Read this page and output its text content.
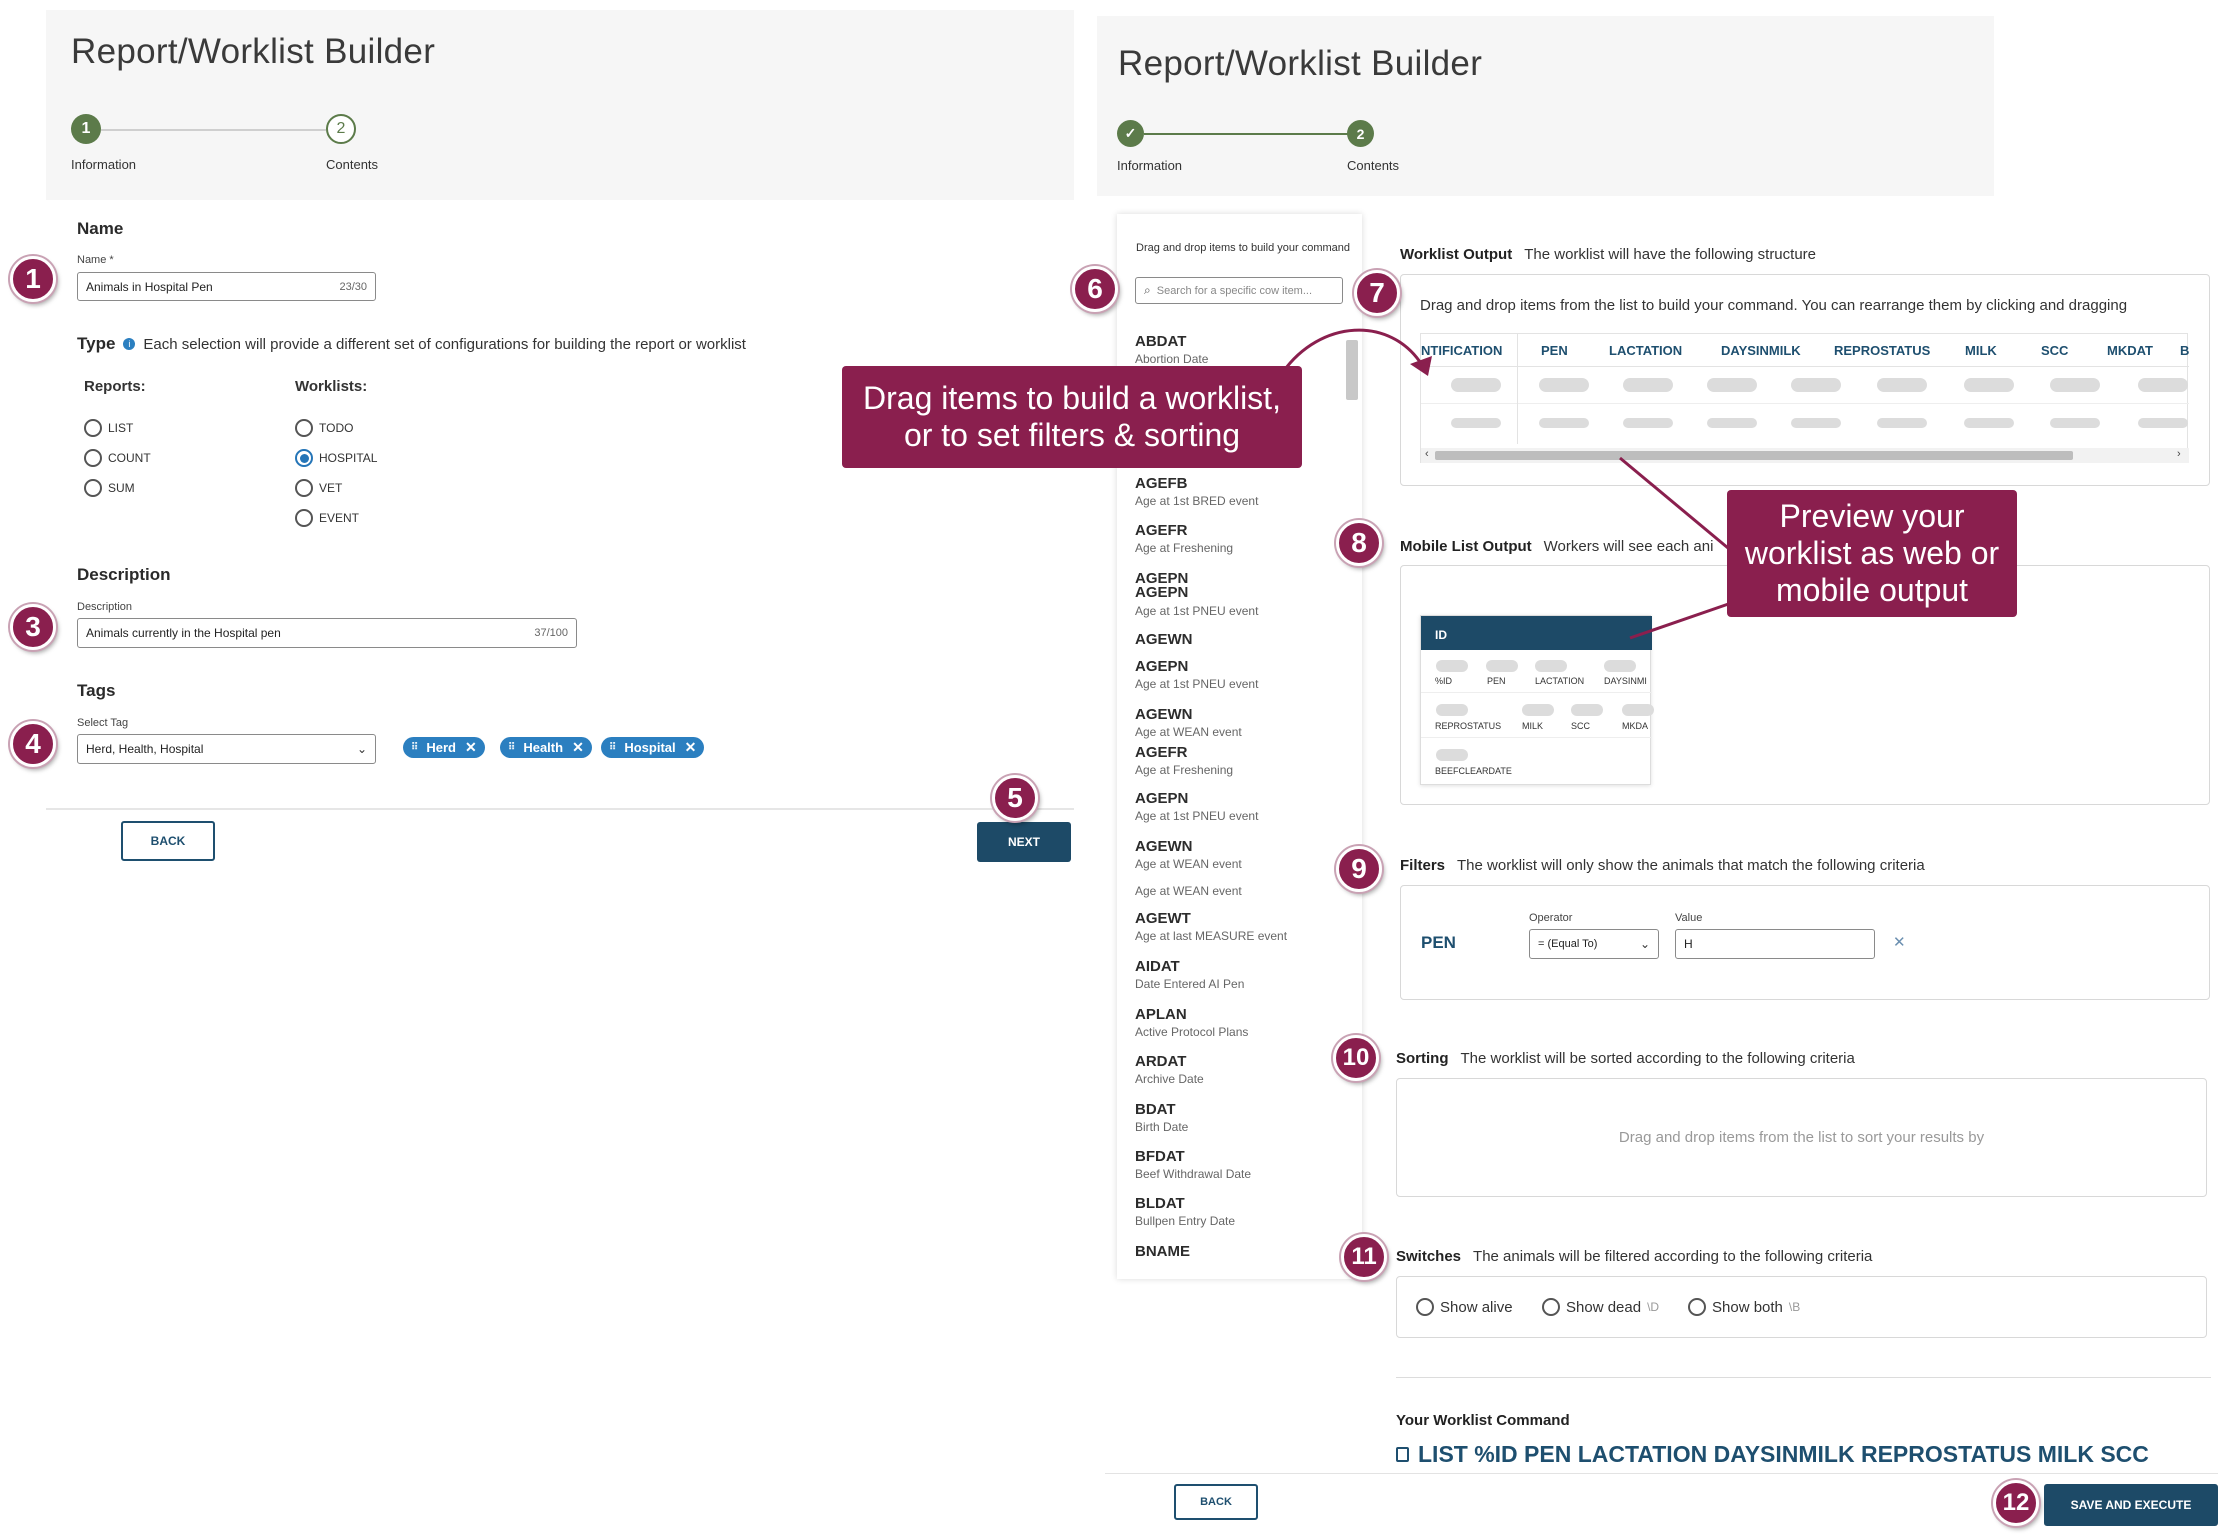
Report/Worklist Builder
1	2
Information	Contents
Name
Name *
Animals in Hospital Pen	23/30
Type	i Each selection will provide a different set of configurations for building the report or worklist
Reports:	Worklists:
LIST
COUNT
SUM
TODO
HOSPITAL
VET
EVENT
Description
Description
Animals currently in the Hospital pen	37/100
Tags
Select Tag
Herd, Health, Hospital	⌄	⠿ Herd ✕	⠿ Health ✕	⠿ Hospital ✕
BACK	NEXT
Report/Worklist Builder
✓	2
Information	Contents
Drag and drop items to build your command
⌕ Search for a specific cow item...
ABDAT
Abortion Date
AGEFB
Age at 1st BRED event
AGEFR
Age at Freshening
AGEPN
AGEPN
Age at 1st PNEU event
AGEWN
AGEPN
Age at 1st PNEU event
AGEWN
Age at WEAN event
AGEFR
Age at Freshening
AGEPN
Age at 1st PNEU event
AGEWN
Age at WEAN event
Age at WEAN event
AGEWT
Age at last MEASURE event
AIDAT
Date Entered AI Pen
APLAN
Active Protocol Plans
ARDAT
Archive Date
BDAT
Birth Date
BFDAT
Beef Withdrawal Date
BLDAT
Bullpen Entry Date
BNAME
Worklist Output The worklist will have the following structure
Drag and drop items from the list to build your command. You can rearrange them by clicking and dragging
NTIFICATION	PEN	LACTATION	DAYSINMILK	REPROSTATUS	MILK	SCC	MKDAT B
‹	›
Mobile List Output Workers will see each ani
ID
%ID	PEN	LACTATION DAYSINMI
REPROSTATUS MILK	SCC	MKDA
BEEFCLEARDATE
Filters The worklist will only show the animals that match the following criteria
PEN
Operator
= (Equal To)	⌄
Value
H	✕
Sorting The worklist will be sorted according to the following criteria
Drag and drop items from the list to sort your results by
Switches The animals will be filtered according to the following criteria
Show alive	Show dead \D	Show both \B
Your Worklist Command
LIST %ID PEN LACTATION DAYSINMILK REPROSTATUS MILK SCC
BACK	SAVE AND EXECUTE
Drag items to build a worklist,
or to set filters & sorting
Preview your
worklist as web or
mobile output
1
3
4
5
6	7
8
9
10
11
12
